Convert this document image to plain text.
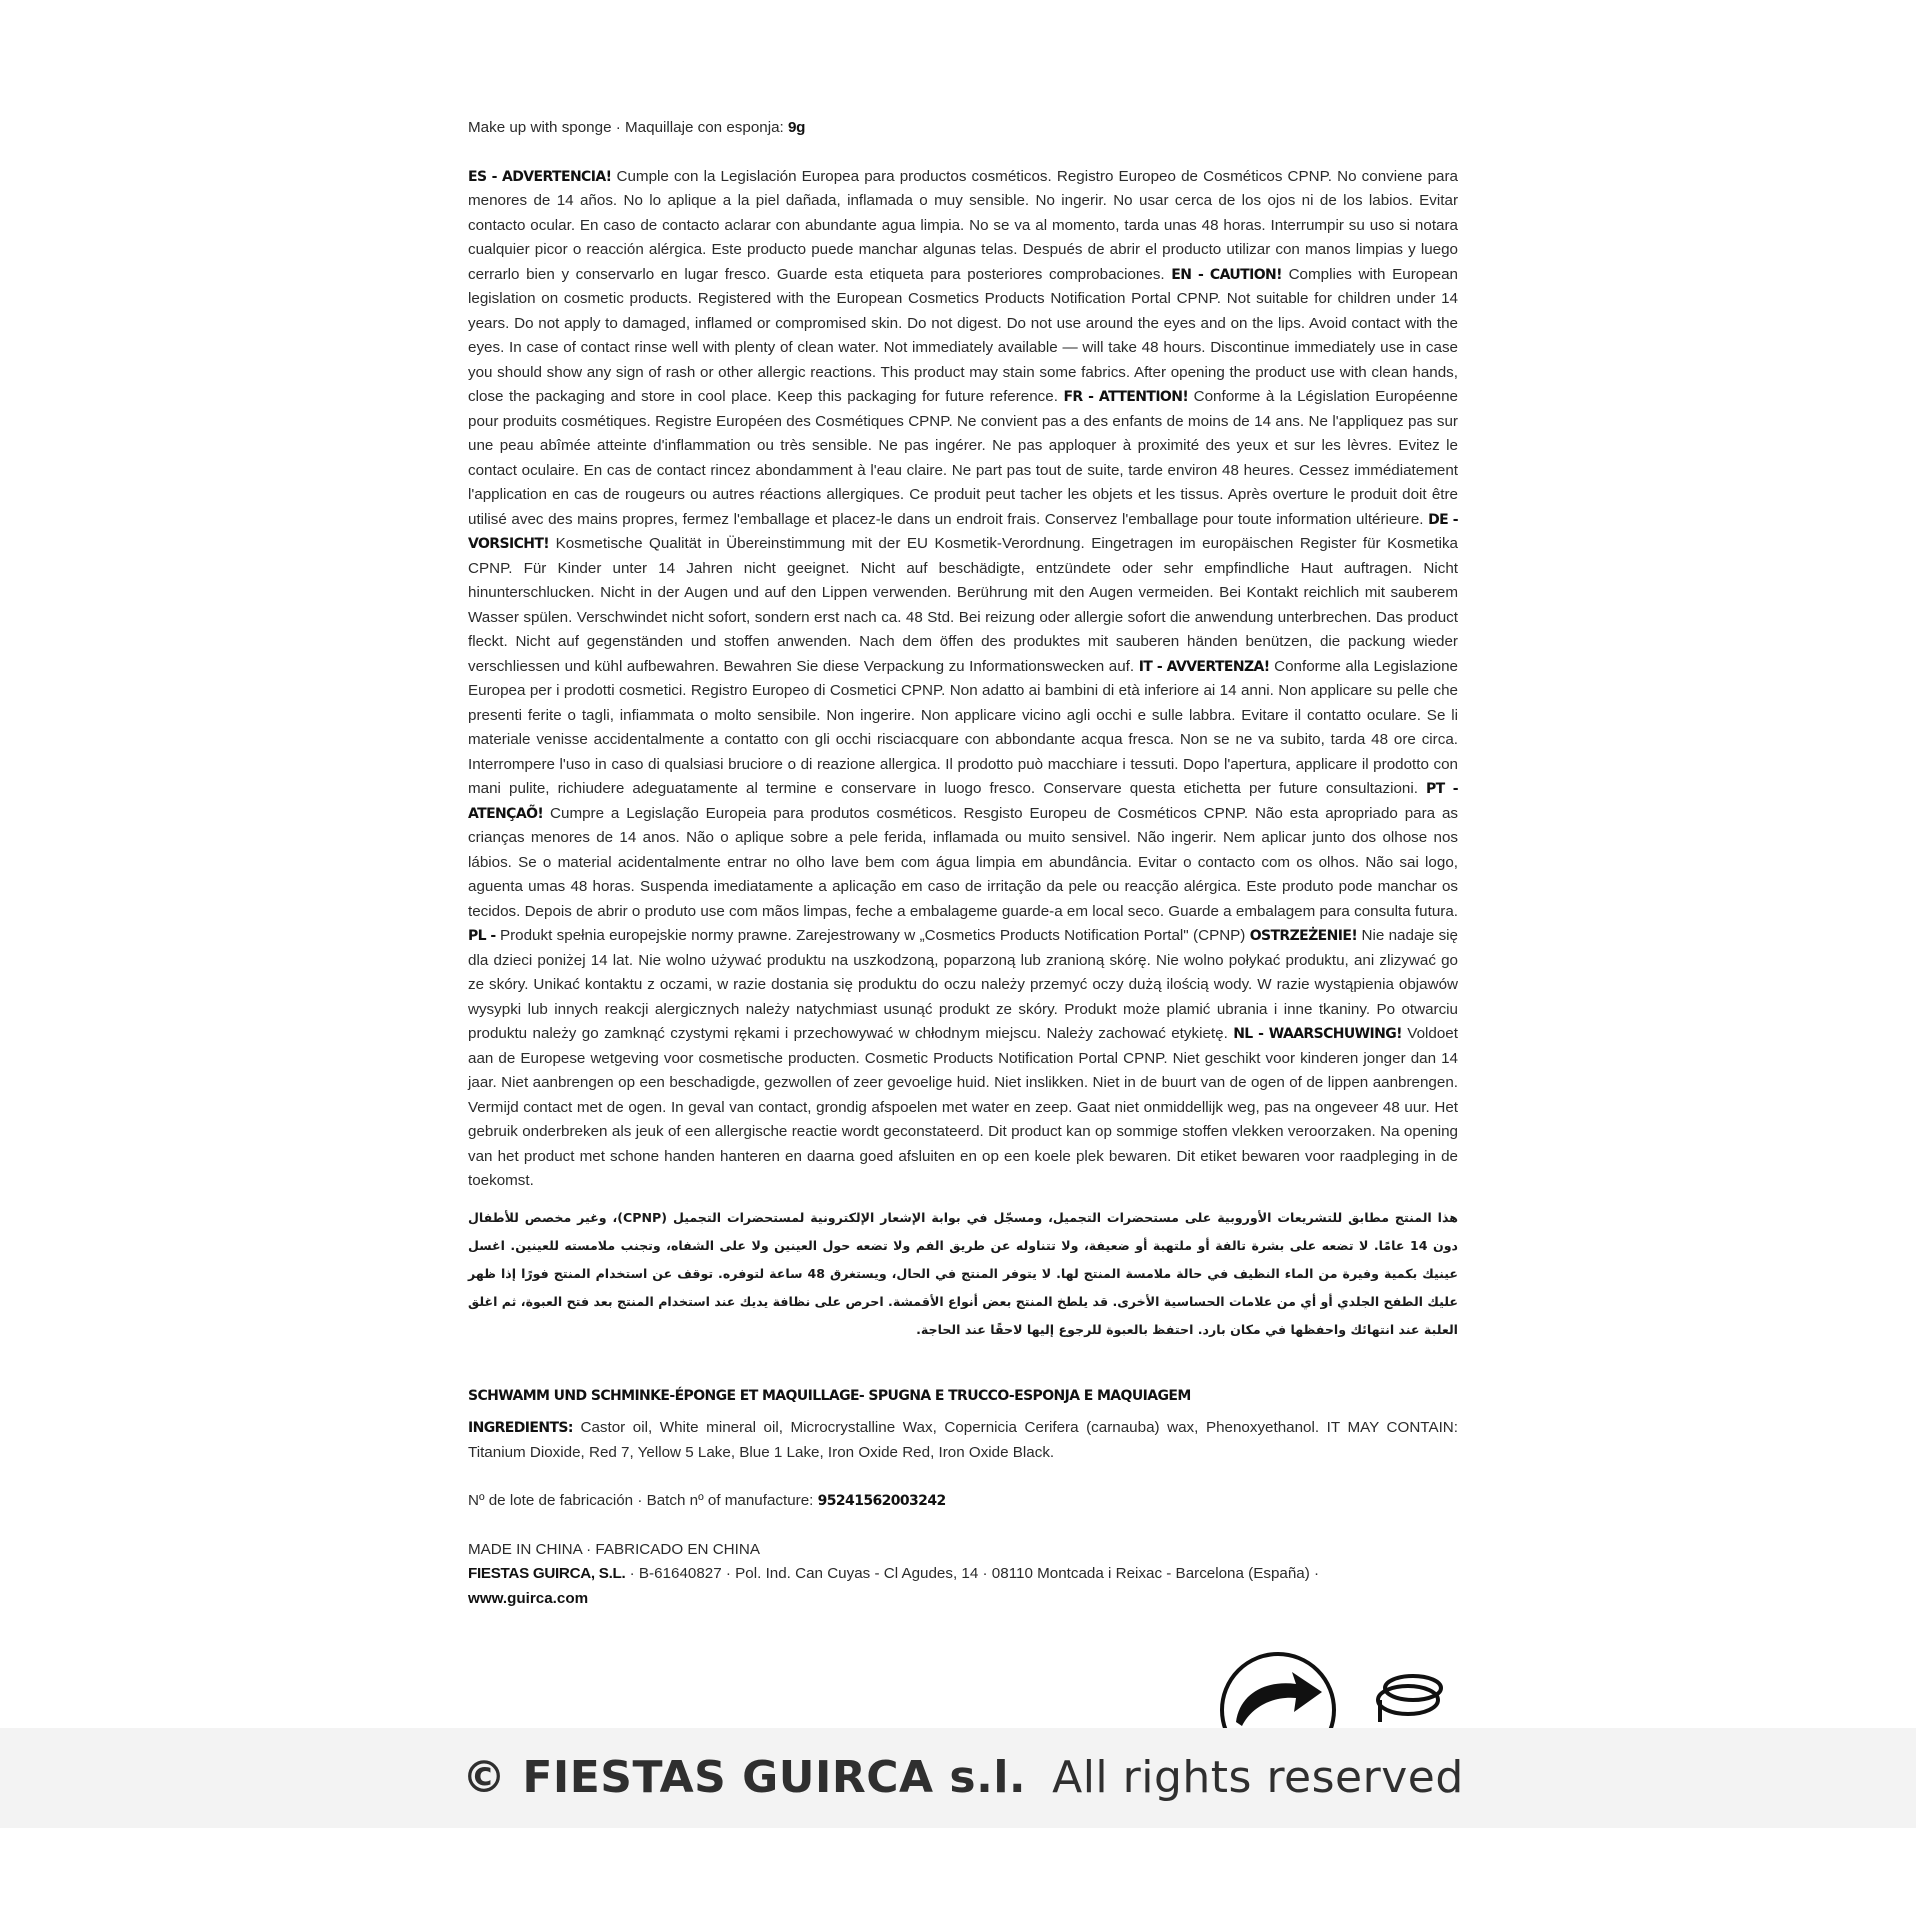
Make up with sponge · Maquillaje con esponja: 9g

ES - ADVERTENCIA! Cumple con la Legislación Europea para productos cosméticos. Registro Europeo de Cosméticos CPNP. No conviene para menores de 14 años. No lo aplique a la piel dañada, inflamada o muy sensible. No ingerir. No usar cerca de los ojos ni de los labios. Evitar contacto ocular. En caso de contacto aclarar con abundante agua limpia. No se va al momento, tarda unas 48 horas. Interrumpir su uso si notara cualquier picor o reacción alérgica. Este producto puede manchar algunas telas. Después de abrir el producto utilizar con manos limpias y luego cerrarlo bien y conservarlo en lugar fresco. Guarde esta etiqueta para posteriores comprobaciones. EN - CAUTION! Complies with European legislation on cosmetic products. Registered with the European Cosmetics Products Notification Portal CPNP. Not suitable for children under 14 years. Do not apply to damaged, inflamed or compromised skin. Do not digest. Do not use around the eyes and on the lips. Avoid contact with the eyes. In case of contact rinse well with plenty of clean water. Not immediately available — will take 48 hours. Discontinue immediately use in case you should show any sign of rash or other allergic reactions. This product may stain some fabrics. After opening the product use with clean hands, close the packaging and store in cool place. Keep this packaging for future reference. FR - ATTENTION! Conforme à la Législation Européenne pour produits cosmétiques. Registre Européen des Cosmétiques CPNP. Ne convient pas a des enfants de moins de 14 ans. Ne l'appliquez pas sur une peau abîmée atteinte d'inflammation ou très sensible. Ne pas ingérer. Ne pas apploquer à proximité des yeux et sur les lèvres. Evitez le contact oculaire. En cas de contact rincez abondamment à l'eau claire. Ne part pas tout de suite, tarde environ 48 heures. Cessez immédiatement l'application en cas de rougeurs ou autres réactions allergiques. Ce produit peut tacher les objets et les tissus. Après overture le produit doit être utilisé avec des mains propres, fermez l'emballage et placez-le dans un endroit frais. Conservez l'emballage pour toute information ultérieure. DE - VORSICHT! Kosmetische Qualität in Übereinstimmung mit der EU Kosmetik-Verordnung. Eingetragen im europäischen Register für Kosmetika CPNP. Für Kinder unter 14 Jahren nicht geeignet. Nicht auf beschädigte, entzündete oder sehr empfindliche Haut auftragen. Nicht hinunterschlucken. Nicht in der Augen und auf den Lippen verwenden. Berührung mit den Augen vermeiden. Bei Kontakt reichlich mit sauberem Wasser spülen. Verschwindet nicht sofort, sondern erst nach ca. 48 Std. Bei reizung oder allergie sofort die anwendung unterbrechen. Das product fleckt. Nicht auf gegenständen und stoffen anwenden. Nach dem öffen des produktes mit sauberen händen benützen, die packung wieder verschliessen und kühl aufbewahren. Bewahren Sie diese Verpackung zu Informationswecken auf. IT - AVVERTENZA! Conforme alla Legislazione Europea per i prodotti cosmetici. Registro Europeo di Cosmetici CPNP. Non adatto ai bambini di età inferiore ai 14 anni. Non applicare su pelle che presenti ferite o tagli, infiammata o molto sensibile. Non ingerire. Non applicare vicino agli occhi e sulle labbra. Evitare il contatto oculare. Se li materiale venisse accidentalmente a contatto con gli occhi risciacquare con abbondante acqua fresca. Non se ne va subito, tarda 48 ore circa. Interrompere l'uso in caso di qualsiasi bruciore o di reazione allergica. Il prodotto può macchiare i tessuti. Dopo l'apertura, applicare il prodotto con mani pulite, richiudere adeguatamente al termine e conservare in luogo fresco. Conservare questa etichetta per future consultazioni. PT - ATENÇAÕ! Cumpre a Legislação Europeia para produtos cosméticos. Resgisto Europeu de Cosméticos CPNP. Não esta apropriado para as crianças menores de 14 anos. Não o aplique sobre a pele ferida, inflamada ou muito sensivel. Não ingerir. Nem aplicar junto dos olhose nos lábios. Se o material acidentalmente entrar no olho lave bem com água limpia em abundância. Evitar o contacto com os olhos. Não sai logo, aguenta umas 48 horas. Suspenda imediatamente a aplicação em caso de irritação da pele ou reacção alérgica. Este produto pode manchar os tecidos. Depois de abrir o produto use com mãos limpas, feche a embalageme guarde-a em local seco. Guarde a embalagem para consulta futura. PL - Produkt spełnia europejskie normy prawne. Zarejestrowany w „Cosmetics Products Notification Portal" (CPNP) OSTRZEŻENIE! Nie nadaje się dla dzieci poniżej 14 lat. Nie wolno używać produktu na uszkodzoną, poparzoną lub zranioną skórę. Nie wolno połykać produktu, ani zlizywać go ze skóry. Unikać kontaktu z oczami, w razie dostania się produktu do oczu należy przemyć oczy dużą ilością wody. W razie wystąpienia objawów wysypki lub innych reakcji alergicznych należy natychmiast usunąć produkt ze skóry. Produkt może plamić ubrania i inne tkaniny. Po otwarciu produktu należy go zamknąć czystymi rękami i przechowywać w chłodnym miejscu. Należy zachować etykietę. NL - WAARSCHUWING! Voldoet aan de Europese wetgeving voor cosmetische producten. Cosmetic Products Notification Portal CPNP. Niet geschikt voor kinderen jonger dan 14 jaar. Niet aanbrengen op een beschadigde, gezwollen of zeer gevoelige huid. Niet inslikken. Niet in de buurt van de ogen of de lippen aanbrengen. Vermijd contact met de ogen. In geval van contact, grondig afspoelen met water en zeep. Gaat niet onmiddellijk weg, pas na ongeveer 48 uur. Het gebruik onderbreken als jeuk of een allergische reactie wordt geconstateerd. Dit product kan op sommige stoffen vlekken veroorzaken. Na opening van het product met schone handen hanteren en daarna goed afsluiten en op een koele plek bewaren. Dit etiket bewaren voor raadpleging in de toekomst.

هذا المنتج مطابق للتشريعات الأوروبية على مستحضرات التجميل، ومسجّل في بوابة الإشعار الإلكترونية لمستحضرات التجميل (CPNP)، وغير مخصص للأطفال دون 14 عامًا. لا تضعه على بشرة تالفة أو ملتهبة أو ضعيفة، ولا تتناوله عن طريق الفم ولا تضعه حول العينين ولا على الشفاه، وتجنب ملامسته للعينين. اغسل عينيك بكمية وفيرة من الماء النظيف في حالة ملامسة المنتج لها. لا يتوفر المنتج في الحال، ويستغرق 48 ساعة لتوفره. توقف عن استخدام المنتج فورًا إذا ظهر عليك الطفح الجلدي أو أي من علامات الحساسية الأخرى. قد يلطخ المنتج بعض أنواع الأقمشة. احرص على نظافة يديك عند استخدام المنتج بعد فتح العبوة، ثم اغلق العلبة عند انتهائك واحفظها في مكان بارد. احتفظ بالعبوة للرجوع إليها لاحقًا عند الحاجة.

SCHWAMM UND SCHMINKE-ÉPONGE ET MAQUILLAGE- SPUGNA E TRUCCO-ESPONJA E MAQUIAGEM

INGREDIENTS: Castor oil, White mineral oil, Microcrystalline Wax, Copernicia Cerifera (carnauba) wax, Phenoxyethanol. IT MAY CONTAIN: Titanium Dioxide, Red 7, Yellow 5 Lake, Blue 1 Lake, Iron Oxide Red, Iron Oxide Black.

Nº de lote de fabricación · Batch nº of manufacture: 95241562003242

MADE IN CHINA · FABRICADO EN CHINA

FIESTAS GUIRCA, S.L. · B-61640827 · Pol. Ind. Can Cuyas - Cl Agudes, 14 · 08110 Montcada i Reixac - Barcelona (España) ·

www.guirca.com

© FIESTAS GUIRCA s.l. All rights reserved
